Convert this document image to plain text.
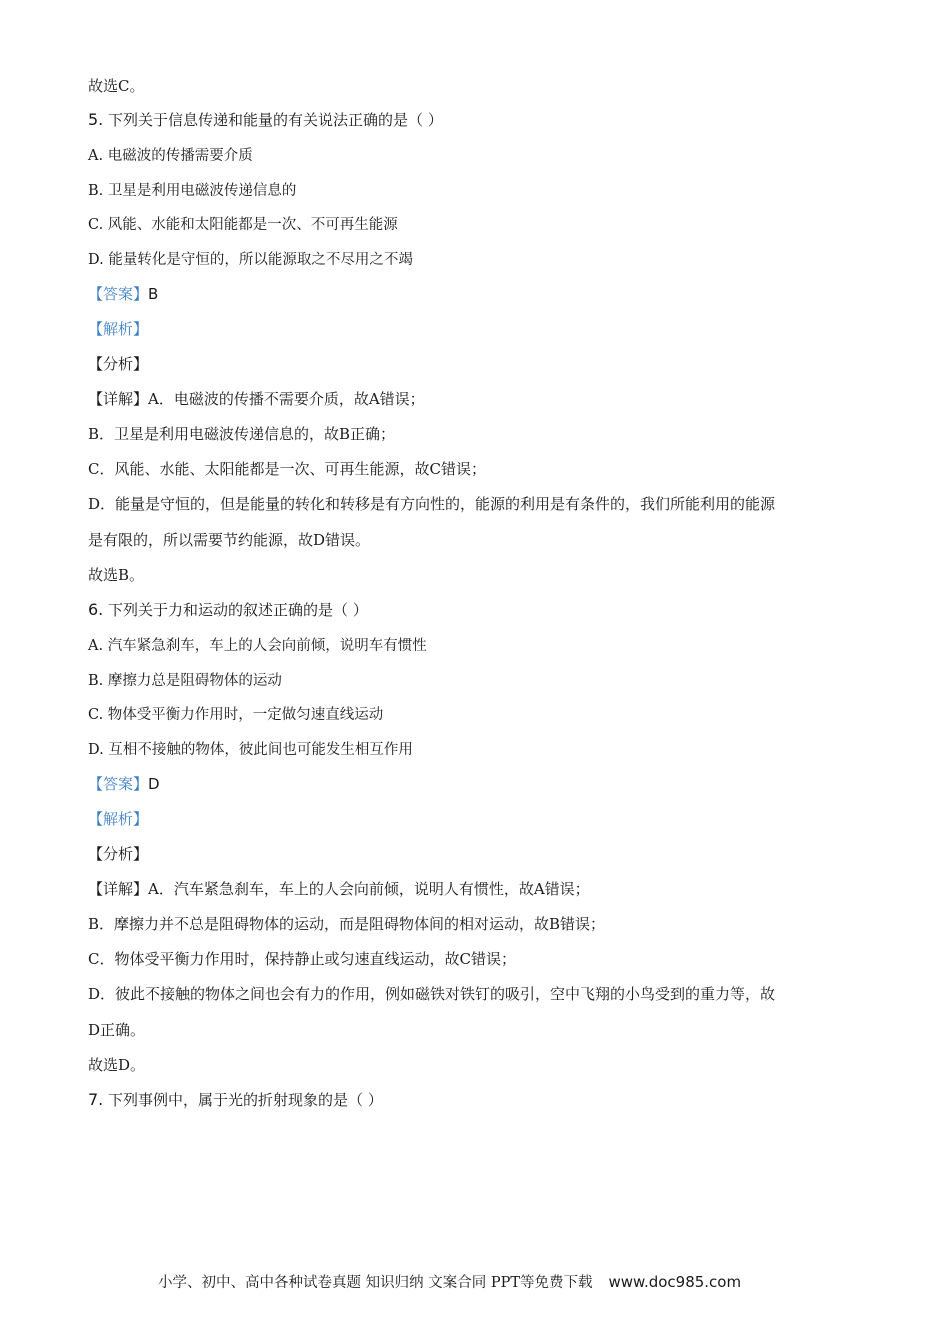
故选C。
5. 下列关于信息传递和能量的有关说法正确的是（ ）
A. 电磁波的传播需要介质
B. 卫星是利用电磁波传递信息的
C. 风能、水能和太阳能都是一次、不可再生能源
D. 能量转化是守恒的，所以能源取之不尽用之不竭
【答案】B
【解析】
【分析】
【详解】A．电磁波的传播不需要介质，故A错误；
B．卫星是利用电磁波传递信息的，故B正确；
C．风能、水能、太阳能都是一次、可再生能源，故C错误；
D．能量是守恒的，但是能量的转化和转移是有方向性的，能源的利用是有条件的，我们所能利用的能源
是有限的，所以需要节约能源，故D错误。
故选B。
6. 下列关于力和运动的叙述正确的是（ ）
A. 汽车紧急刹车，车上的人会向前倾，说明车有惯性
B. 摩擦力总是阻碍物体的运动
C. 物体受平衡力作用时，一定做匀速直线运动
D. 互相不接触的物体，彼此间也可能发生相互作用
【答案】D
【解析】
【分析】
【详解】A．汽车紧急刹车，车上的人会向前倾，说明人有惯性，故A错误；
B．摩擦力并不总是阻碍物体的运动，而是阻碍物体间的相对运动，故B错误；
C．物体受平衡力作用时，保持静止或匀速直线运动，故C错误；
D．彼此不接触的物体之间也会有力的作用，例如磁铁对铁钉的吸引，空中飞翔的小鸟受到的重力等，故
D正确。
故选D。
7. 下列事例中，属于光的折射现象的是（ ）
小学、初中、高中各种试卷真题 知识归纳 文案合同 PPT等免费下载 www.doc985.com
